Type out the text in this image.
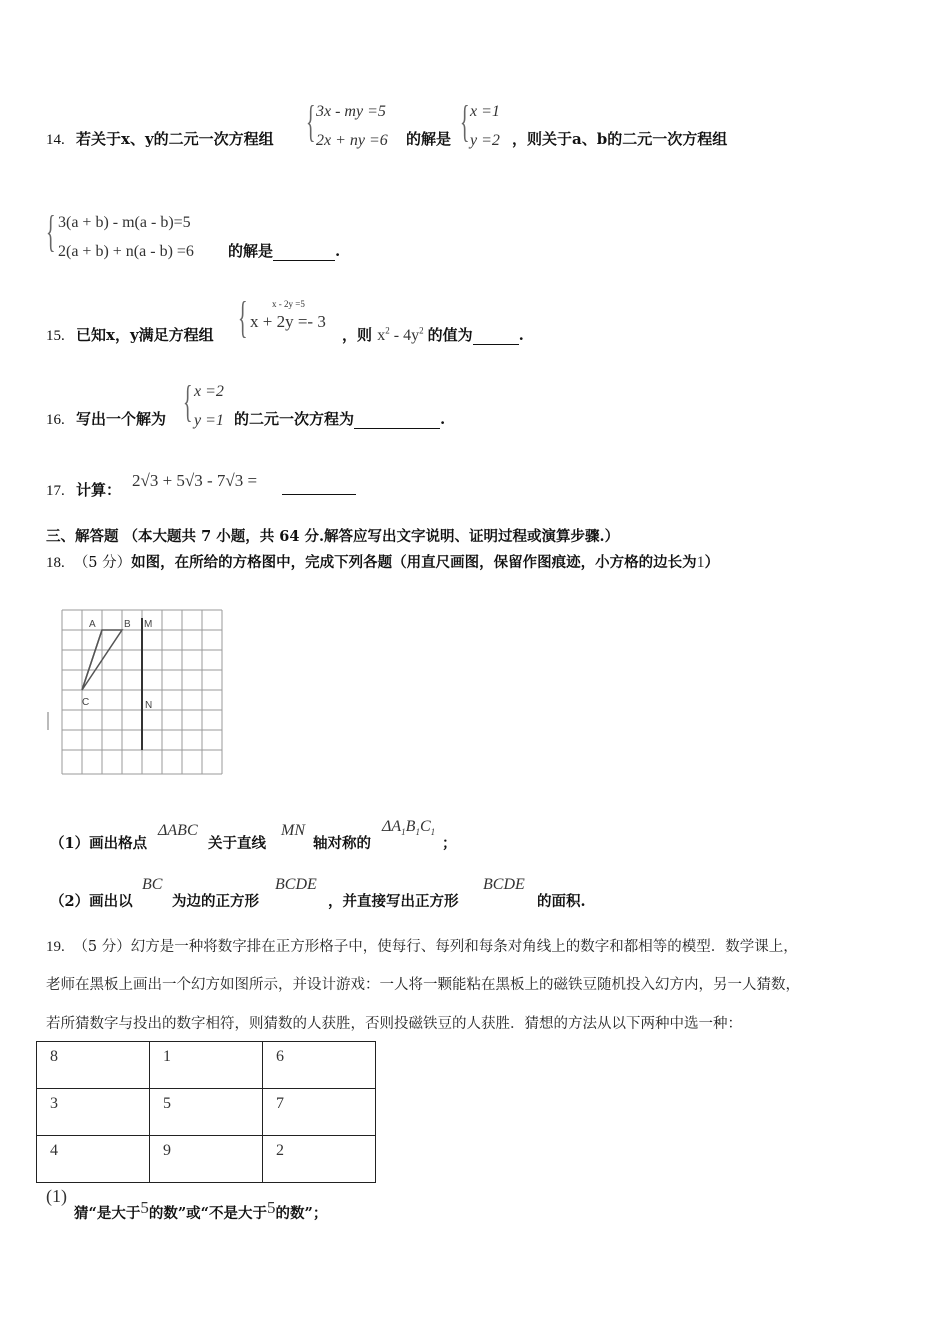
14. 若关于x、y的二元一次方程组 { 3x - my =5
2x + ny =6 的解是 { x =1
y =2 ，则关于a、b的二元一次方程组
{ 3(a + b) - m(a - b)=5
2(a + b) + n(a - b) =6 的解是	.
15. 已知x，y满足方程组 {	x - 2y =5
x + 2y =- 3
，则 $x^2 - 4y^2$ 的值为	.
16. 写出一个解为 { x =2
y =1 的二元一次方程为	.
17. 计算： 2√3 + 5√3 - 7√3 =
三、解答题 （本大题共 7 小题，共 64 分.解答应写出文字说明、证明过程或演算步骤.）
18. （5 分）如图，在所给的方格图中，完成下列各题（用直尺画图，保留作图痕迹，小方格的边长为1）
A	B M
C	N
（1）画出格点
ΔABC
关于直线
MN
轴对称的
$\Delta A_1B_1C_1$
；
（2）画出以
BC
为边的正方形
BCDE
，并直接写出正方形
BCDE
的面积.
19. （5 分）幻方是一种将数字排在正方形格子中，使每行、每列和每条对角线上的数字和都相等的模型．数学课上，
老师在黑板上画出一个幻方如图所示，并设计游戏：一人将一颗能粘在黑板上的磁铁豆随机投入幻方内，另一人猜数，
若所猜数字与投出的数字相符，则猜数的人获胜，否则投磁铁豆的人获胜．猜想的方法从以下两种中选一种：
8	1	6
3	5	7
4	9	2
(1)
猜“是大于5的数”或“不是大于5的数”；
